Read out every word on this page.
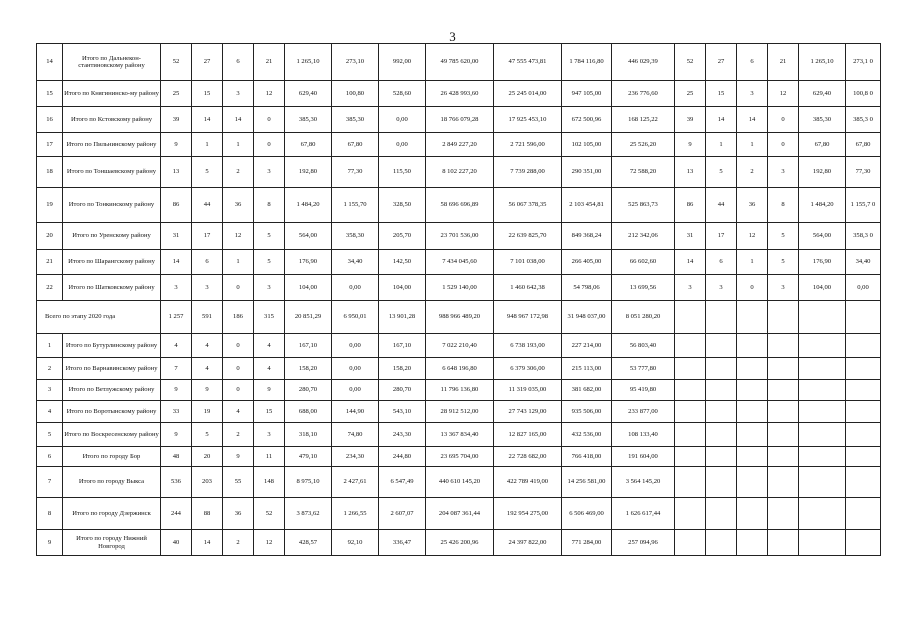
3
14	Итого по Дальнекон-стантиновскому району	52	27	6	21	1 265,10	273,10	992,00	49 785 620,00	47 555 473,81	1 784 116,80	446 029,39	52	27	6	21	1 265,10	273,1 0
15	Итого по Княгининско-му району	25	15	3	12	629,40	100,80	528,60	26 428 993,60	25 245 014,00	947 105,00	236 776,60	25	15	3	12	629,40	100,8 0
16	Итого по Кстовскому району	39	14	14	0	385,30	385,30	0,00	18 766 079,28	17 925 453,10	672 500,96	168 125,22	39	14	14	0	385,30	385,3 0
17	Итого по Пильнинскому району	9	1	1	0	67,80	67,80	0,00	2 849 227,20	2 721 596,00	102 105,00	25 526,20	9	1	1	0	67,80	67,80
18	Итого по Тоншаевскому району	13	5	2	3	192,80	77,30	115,50	8 102 227,20	7 739 288,00	290 351,00	72 588,20	13	5	2	3	192,80	77,30
19	Итого по Тонкинскому району	86	44	36	8	1 484,20	1 155,70	328,50	58 696 696,89	56 067 378,35	2 103 454,81	525 863,73	86	44	36	8	1 484,20	1 155,7 0
20	Итого по Уренскому району	31	17	12	5	564,00	358,30	205,70	23 701 536,00	22 639 825,70	849 368,24	212 342,06	31	17	12	5	564,00	358,3 0
21	Итого по Шарангскому району	14	6	1	5	176,90	34,40	142,50	7 434 045,60	7 101 038,00	266 405,00	66 602,60	14	6	1	5	176,90	34,40
22	Итого по Шатковскому району	3	3	0	3	104,00	0,00	104,00	1 529 140,00	1 460 642,38	54 798,06	13 699,56	3	3	0	3	104,00	0,00
Всего по этапу 2020 года		1 257	591	186	315	20 851,29	6 950,01	13 901,28	988 966 489,20	948 967 172,98	31 948 037,00	8 051 280,20						
1	Итого по Бутурлинскому району	4	4	0	4	167,10	0,00	167,10	7 022 210,40	6 738 193,00	227 214,00	56 803,40						
2	Итого по Варнавинскому району	7	4	0	4	158,20	0,00	158,20	6 648 196,80	6 379 306,00	215 113,00	53 777,80						
3	Итого по Ветлужскому району	9	9	0	9	280,70	0,00	280,70	11 796 136,80	11 319 035,00	381 682,00	95 419,80						
4	Итого по Воротынскому району	33	19	4	15	688,00	144,90	543,10	28 912 512,00	27 743 129,00	935 506,00	233 877,00						
5	Итого по Воскресенскому району	9	5	2	3	318,10	74,80	243,30	13 367 834,40	12 827 165,00	432 536,00	108 133,40						
6	Итого по городу Бор	48	20	9	11	479,10	234,30	244,80	23 695 704,00	22 728 682,00	766 418,00	191 604,00						
7	Итого по городу Выкса	536	203	55	148	8 975,10	2 427,61	6 547,49	440 610 145,20	422 789 419,00	14 256 581,00	3 564 145,20						
8	Итого по городу Дзержинск	244	88	36	52	3 873,62	1 266,55	2 607,07	204 087 361,44	192 954 275,00	6 506 469,00	1 626 617,44						
9	Итого по городу Нижний Новгород	40	14	2	12	428,57	92,10	336,47	25 426 200,96	24 397 822,00	771 284,00	257 094,96						
